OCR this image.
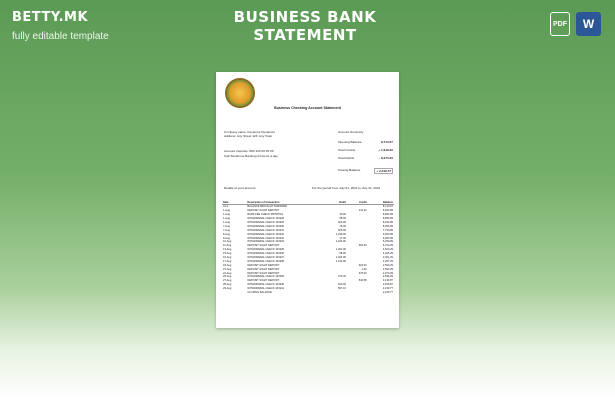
BETTY.MK
fully editable template
BUSINESS BANK STATEMENT
PDF W
Business Checking Account Statement
Company name: Keystone Dynamics
Address: Any Street 123, Any Town
Account Inquiries: 800 123 00 45 00
Call Telephone Banking 24 hours a day
Account Summary
Opening Balance	8,713.67
Total Credits	+ 1,919.20
Total Debits	- 8,373.20
Closing Balance	+ 2,249.77
Details of your account	For the period from July 01, 2021 to July 31, 2021
Date	Description of transaction	Debit	Credit	Balance
Jul 1	BALANCE BROUGHT FORWARD			8,713.67
1-Aug	DEPOSIT SIGHT DEPOSIT		211.32	8,924.99
1-Aug	BANK FEE CHECK PRINTING	30.00		8,894.99
1-Aug	WITHDRAWAL CHECK 101928	38.00		8,856.99
1-Aug	WITHDRAWAL CHECK 101929	424.00		8,432.99
7-Aug	WITHDRAWAL CHECK 101930	76.00		8,356.99
7-Aug	WITHDRAWAL CHECK 101931	626.00		7,730.99
8-Aug	WITHDRAWAL CHECK 101932	1,230.00		6,500.99
9-Aug	WITHDRAWAL CHECK 101933	17.00		6,483.99
10-Aug	WITHDRAWAL CHECK 101934	1,224.00		5,259.99
11-Aug	DEPOSIT SIGHT DEPOSIT		464.30	5,724.29
13-Aug	WITHDRAWAL CHECK 101935	1,201.00		4,523.29
15-Aug	WITHDRAWAL CHECK 101936	98.00		4,425.29
16-Aug	WITHDRAWAL CHECK 101937	1,024.00		3,401.29
17-Aug	WITHDRAWAL CHECK 101938	1,134.00		2,267.29
18-Aug	DEPOSIT SIGHT DEPOSIT		326.00	2,593.29
21-Aug	DEPOSIT SIGHT DEPOSIT		1.00	2,594.29
22-Aug	DEPOSIT SIGHT DEPOSIT		376.00	2,970.29
25-Aug	WITHDRAWAL CHECK 101939	374.00		2,596.29
27-Aug	DEPOSIT SIGHT DEPOSIT		540.58	3,136.87
28-Aug	WITHDRAWAL CHECK 101940	320.00		2,816.87
29-Aug	WITHDRAWAL CHECK 101941	567.10		2,249.77
	CLOSING BALANCE			2,249.77
